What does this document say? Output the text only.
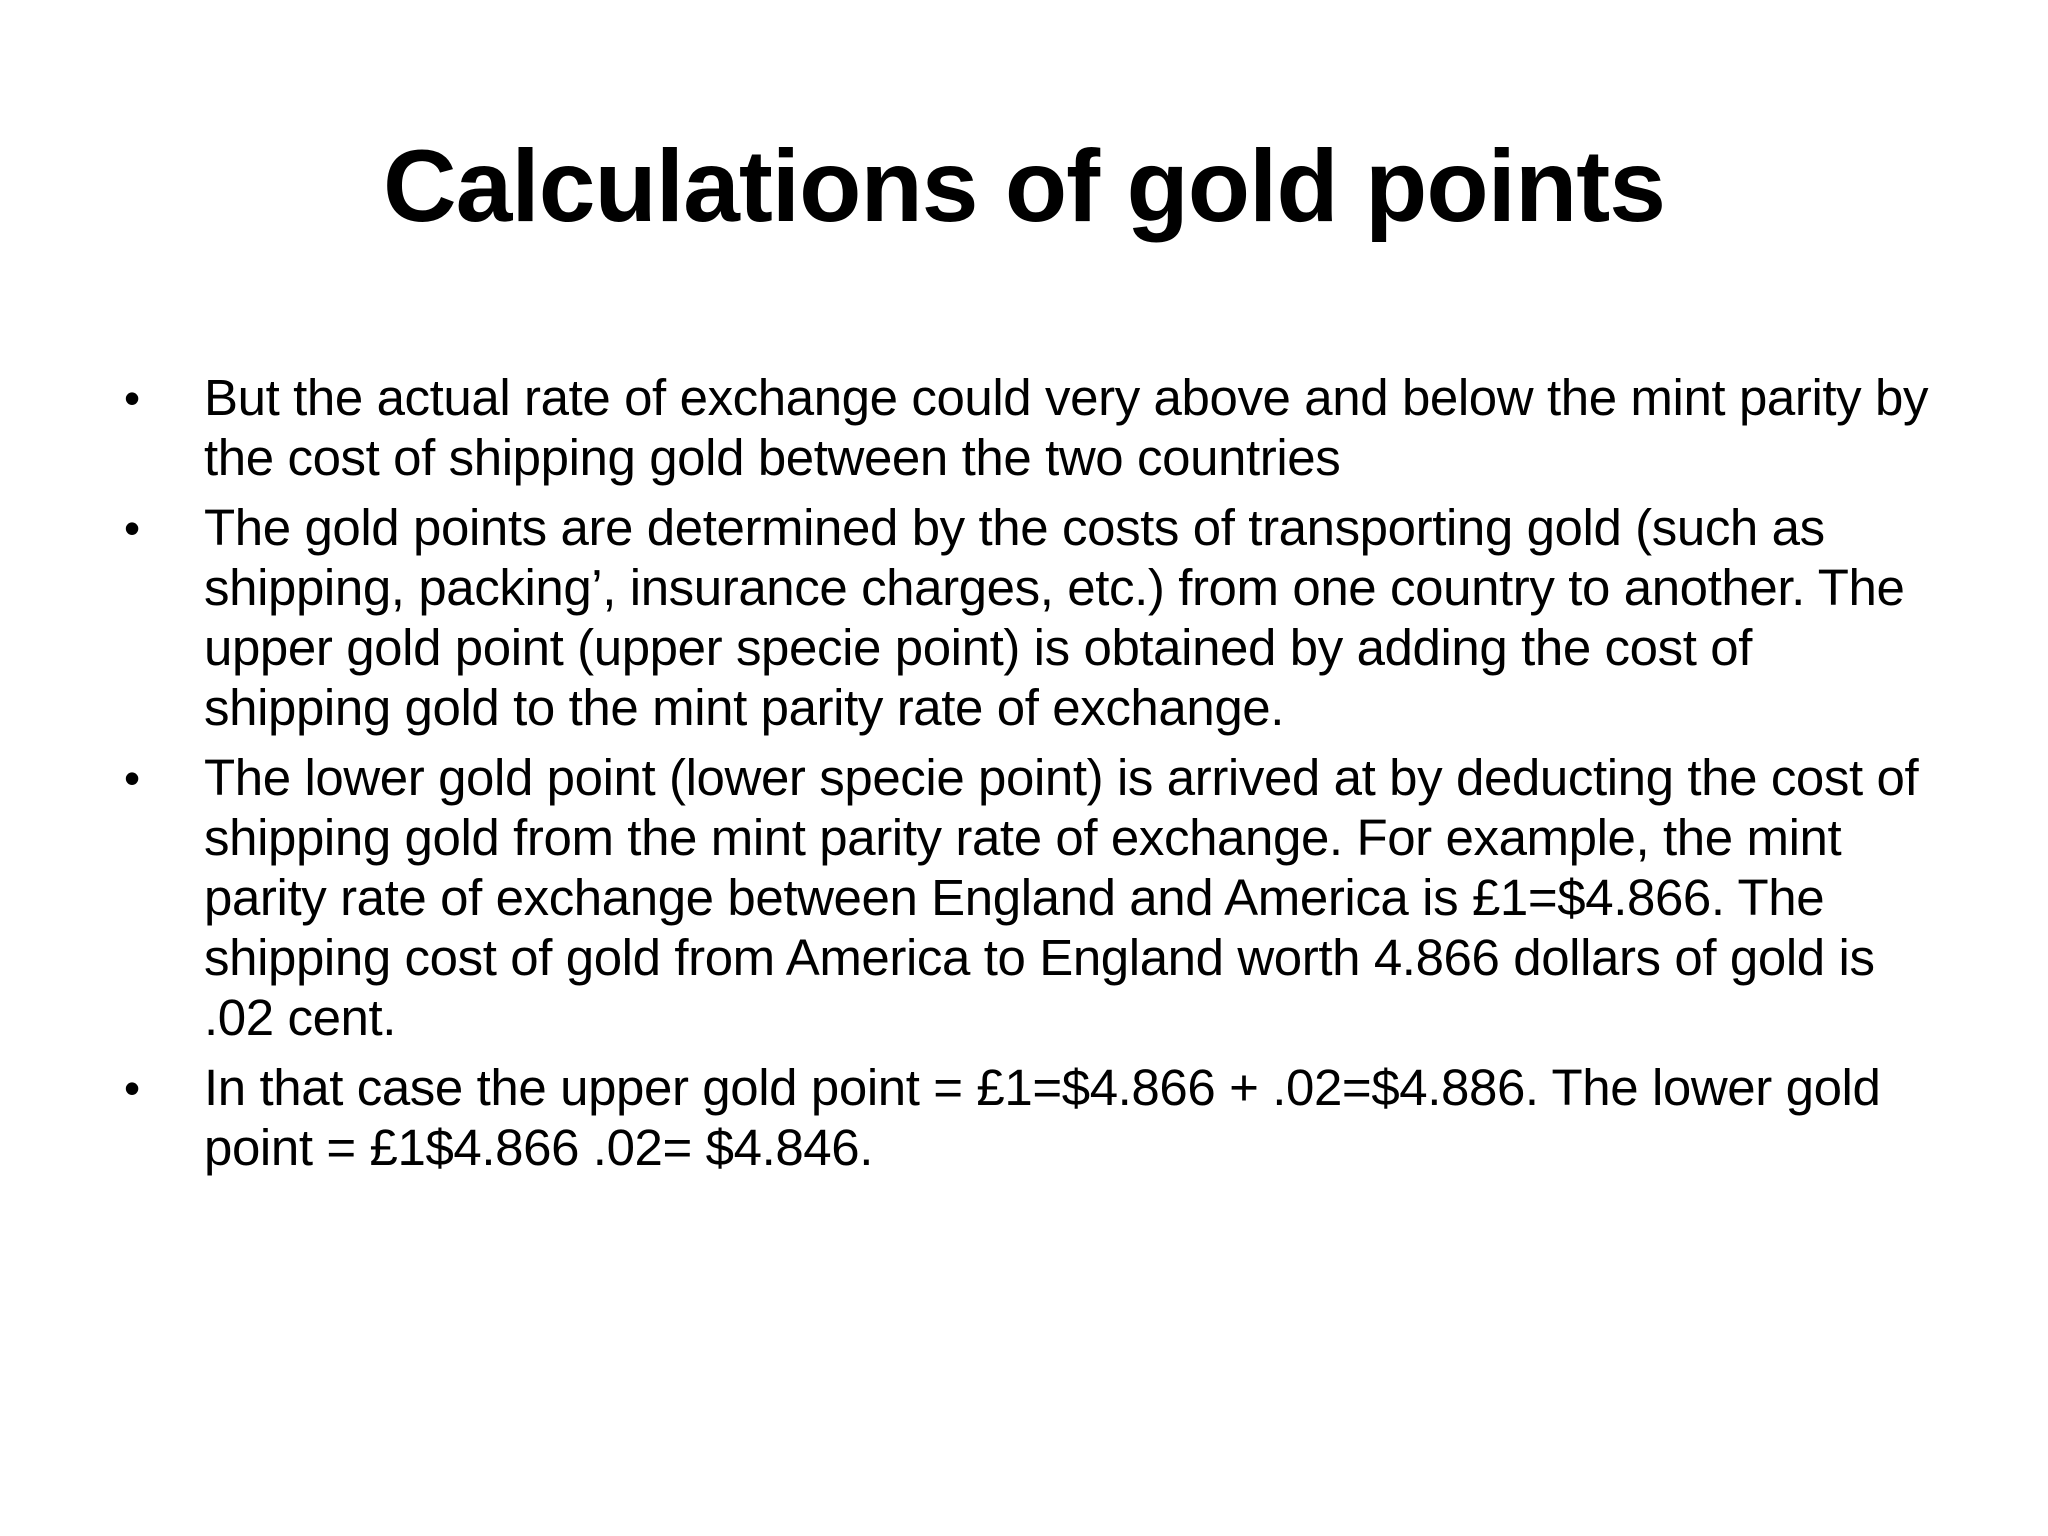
Calculations of gold points
• But the actual rate of exchange could very above and below the mint parity by the cost of shipping gold between the two countries
• The gold points are determined by the costs of transporting gold (such as shipping, packing’, insurance charges, etc.) from one country to another. The upper gold point (upper specie point) is obtained by adding the cost of shipping gold to the mint parity rate of exchange.
• The lower gold point (lower specie point) is arrived at by deducting the cost of shipping gold from the mint parity rate of exchange. For example, the mint parity rate of exchange between England and America is £1=$4.866. The shipping cost of gold from America to England worth 4.866 dollars of gold is .02 cent.
• In that case the upper gold point = £1=$4.866 + .02=$4.886. The lower gold point = £1$4.866 .02= $4.846.
